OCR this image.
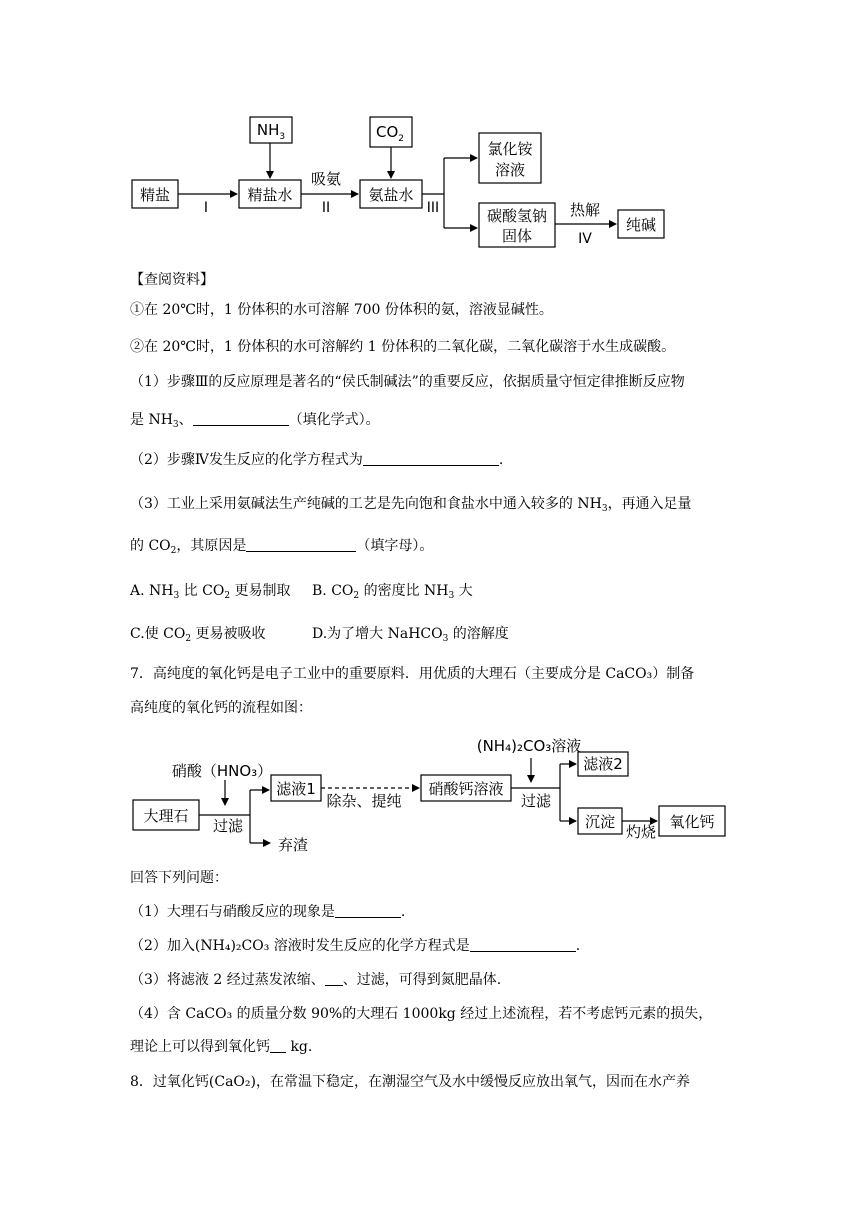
精盐
$NH_3$
精盐水
吸氨
$CO_2$
氨盐水
氯化铵
溶液
碳酸氢钠
固体
热解
纯碱
I	II	III
IV
【查阅资料】
①在 20℃时，1 份体积的水可溶解 700 份体积的氨，溶液显碱性。
②在 20℃时，1 份体积的水可溶解约 1 份体积的二氧化碳，二氧化碳溶于水生成碳酸。
（1）步骤Ⅲ的反应原理是著名的“侯氏制碱法”的重要反应，依据质量守恒定律推断反应物
是 $NH_3$、	（填化学式）。
（2）步骤Ⅳ发生反应的化学方程式为	.
（3）工业上采用氨碱法生产纯碱的工艺是先向饱和食盐水中通入较多的 $NH_3$，再通入足量
的 $CO_2$，其原因是	（填字母）。
A. $NH_3$ 比 $CO_2$ 更易制取 B. $CO_2$ 的密度比 $NH_3$ 大
C.使 $CO_2$ 更易被吸收	D.为了增大 NaHCO$_3$ 的溶解度
7．高纯度的氧化钙是电子工业中的重要原料．用优质的大理石（主要成分是 CaCO₃）制备
高纯度的氧化钙的流程如图：
大理石
硝酸（HNO₃）
过滤
滤液1
弃渣
除杂、提纯
硝酸钙溶液
(NH₄)₂CO₃溶液
过滤
滤液2
沉淀
灼烧
氧化钙
回答下列问题：
（1）大理石与硝酸反应的现象是	.
（2）加入(NH₄)₂CO₃ 溶液时发生反应的化学方程式是	.
（3）将滤液 2 经过蒸发浓缩、 、过滤，可得到氮肥晶体.
（4）含 CaCO₃ 的质量分数 90%的大理石 1000kg 经过上述流程，若不考虑钙元素的损失，
理论上可以得到氧化钙 kg.
8．过氧化钙(CaO₂)，在常温下稳定，在潮湿空气及水中缓慢反应放出氧气，因而在水产养
